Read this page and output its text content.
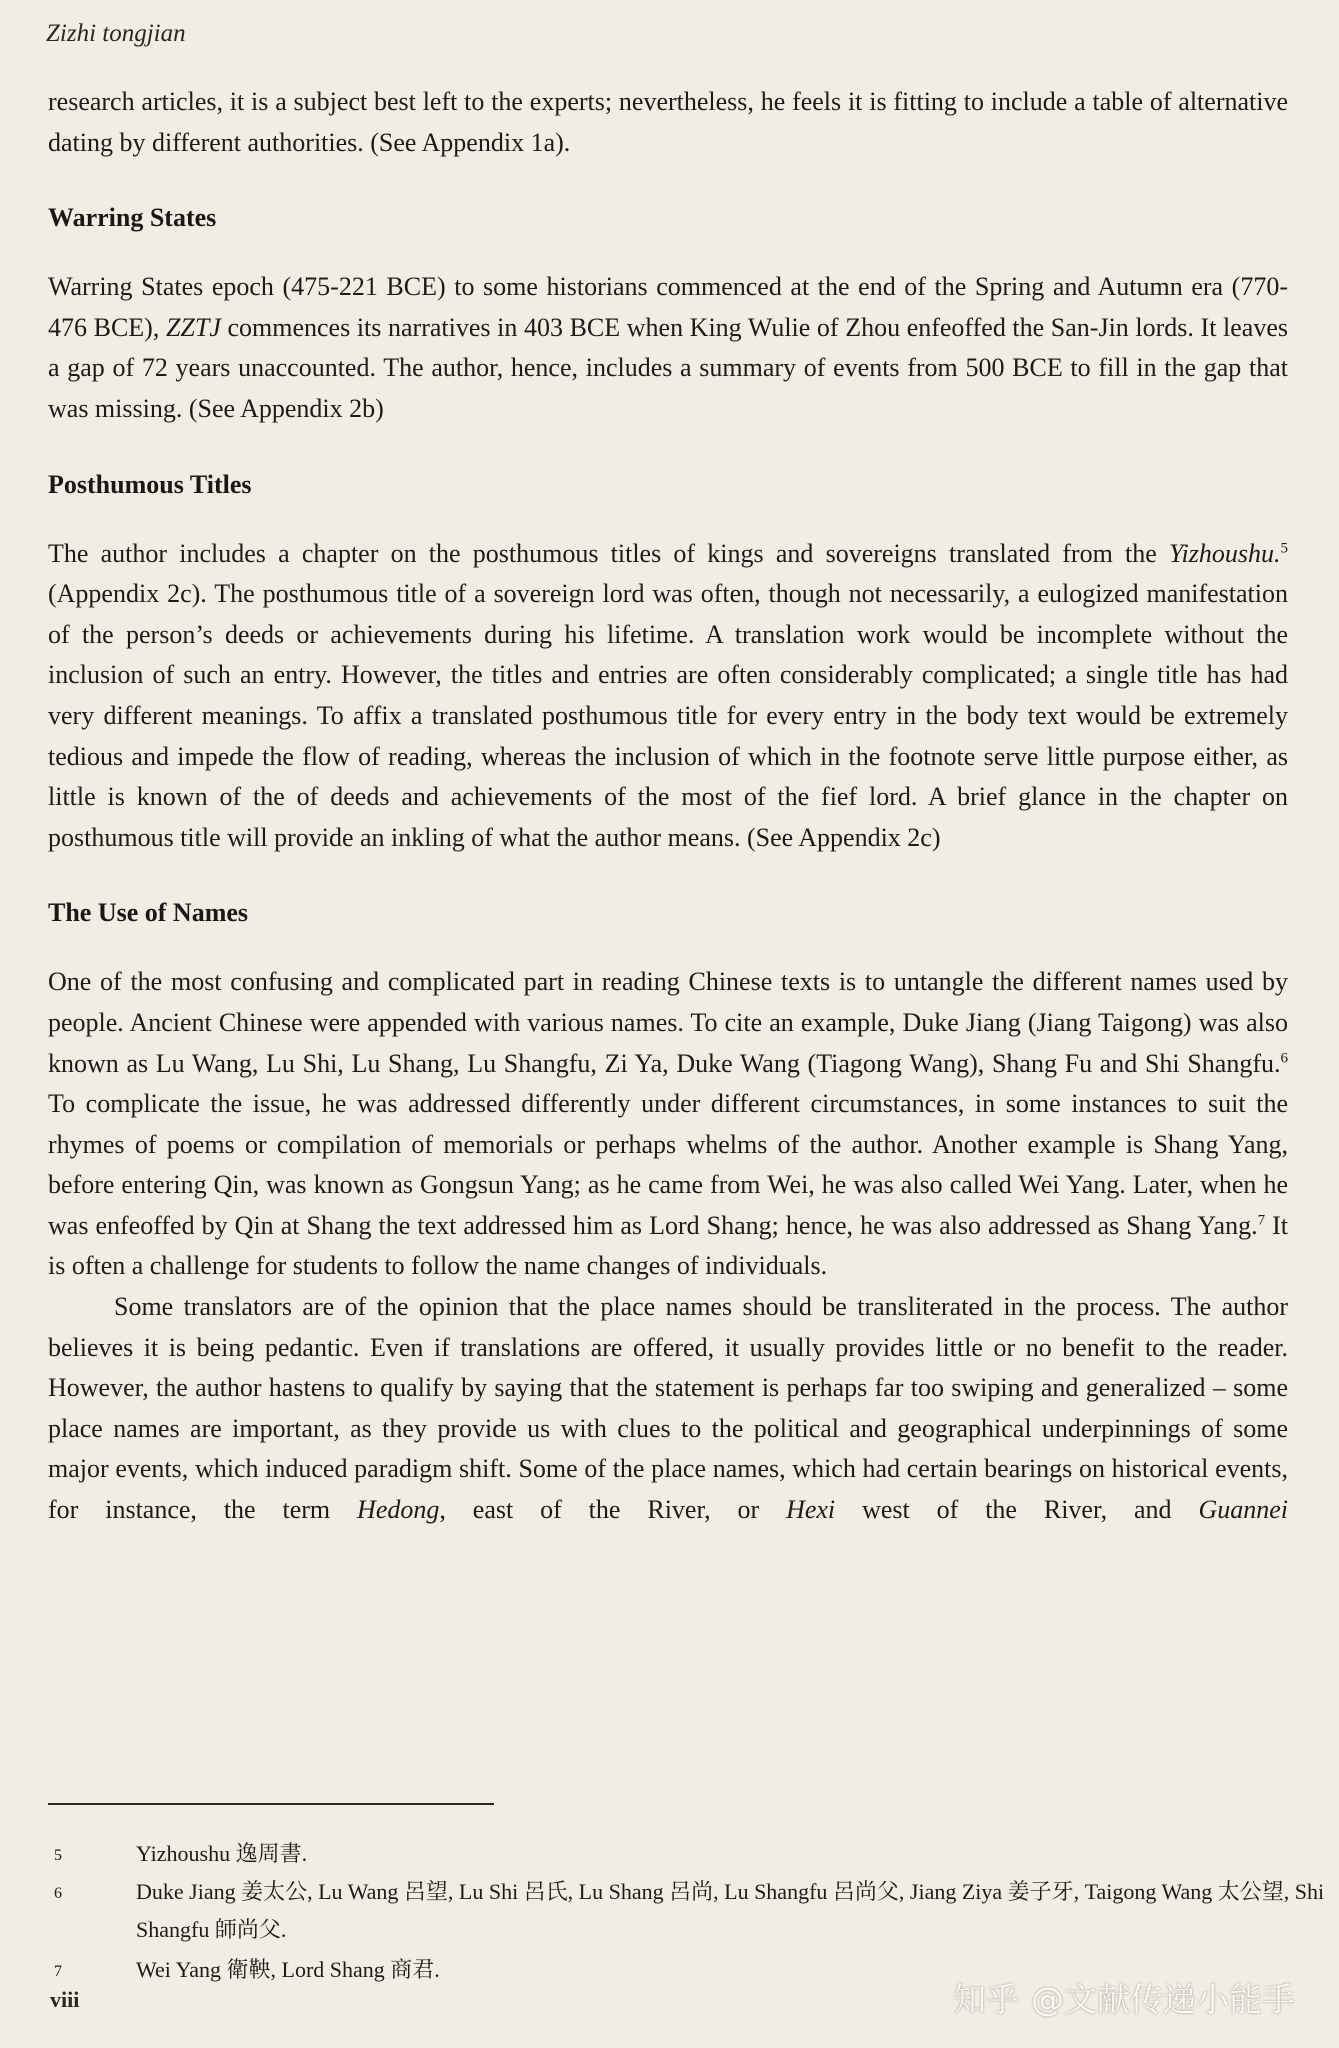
Zizhi tongjian

research articles, it is a subject best left to the experts; nevertheless, he feels it is fitting to include a table of alternative dating by different authorities. (See Appendix 1a).

Warring States

Warring States epoch (475-221 BCE) to some historians commenced at the end of the Spring and Autumn era (770-476 BCE), ZZTJ commences its narratives in 403 BCE when King Wulie of Zhou enfeoffed the San-Jin lords. It leaves a gap of 72 years unaccounted. The author, hence, includes a summary of events from 500 BCE to fill in the gap that was missing. (See Appendix 2b)

Posthumous Titles

The author includes a chapter on the posthumous titles of kings and sovereigns translated from the Yizhoushu.$^5$ (Appendix 2c). The posthumous title of a sovereign lord was often, though not necessarily, a eulogized manifestation of the person’s deeds or achievements during his lifetime. A translation work would be incomplete without the inclusion of such an entry. However, the titles and entries are often considerably complicated; a single title has had very different meanings. To affix a translated posthumous title for every entry in the body text would be extremely tedious and impede the flow of reading, whereas the inclusion of which in the footnote serve little purpose either, as little is known of the of deeds and achievements of the most of the fief lord. A brief glance in the chapter on posthumous title will provide an inkling of what the author means. (See Appendix 2c)

The Use of Names

One of the most confusing and complicated part in reading Chinese texts is to untangle the different names used by people. Ancient Chinese were appended with various names. To cite an example, Duke Jiang (Jiang Taigong) was also known as Lu Wang, Lu Shi, Lu Shang, Lu Shangfu, Zi Ya, Duke Wang (Tiagong Wang), Shang Fu and Shi Shangfu.$^6$ To complicate the issue, he was addressed differently under different circumstances, in some instances to suit the rhymes of poems or compilation of memorials or perhaps whelms of the author. Another example is Shang Yang, before entering Qin, was known as Gongsun Yang; as he came from Wei, he was also called Wei Yang. Later, when he was enfeoffed by Qin at Shang the text addressed him as Lord Shang; hence, he was also addressed as Shang Yang.$^7$ It is often a challenge for students to follow the name changes of individuals.

Some translators are of the opinion that the place names should be transliterated in the process. The author believes it is being pedantic. Even if translations are offered, it usually provides little or no benefit to the reader. However, the author hastens to qualify by saying that the statement is perhaps far too swiping and generalized – some place names are important, as they provide us with clues to the political and geographical underpinnings of some major events, which induced paradigm shift. Some of the place names, which had certain bearings on historical events, for instance, the term Hedong, east of the River, or Hexi west of the River, and Guannei

5	Yizhoushu 逸周書.
6	Duke Jiang 姜太公, Lu Wang 呂望, Lu Shi 呂氏, Lu Shang 呂尚, Lu Shangfu 呂尚父, Jiang Ziya 姜子牙, Taigong Wang 太公望, Shi Shangfu 師尚父.
7	Wei Yang 衛鞅, Lord Shang 商君.
viii	知乎 @文献传递小能手
